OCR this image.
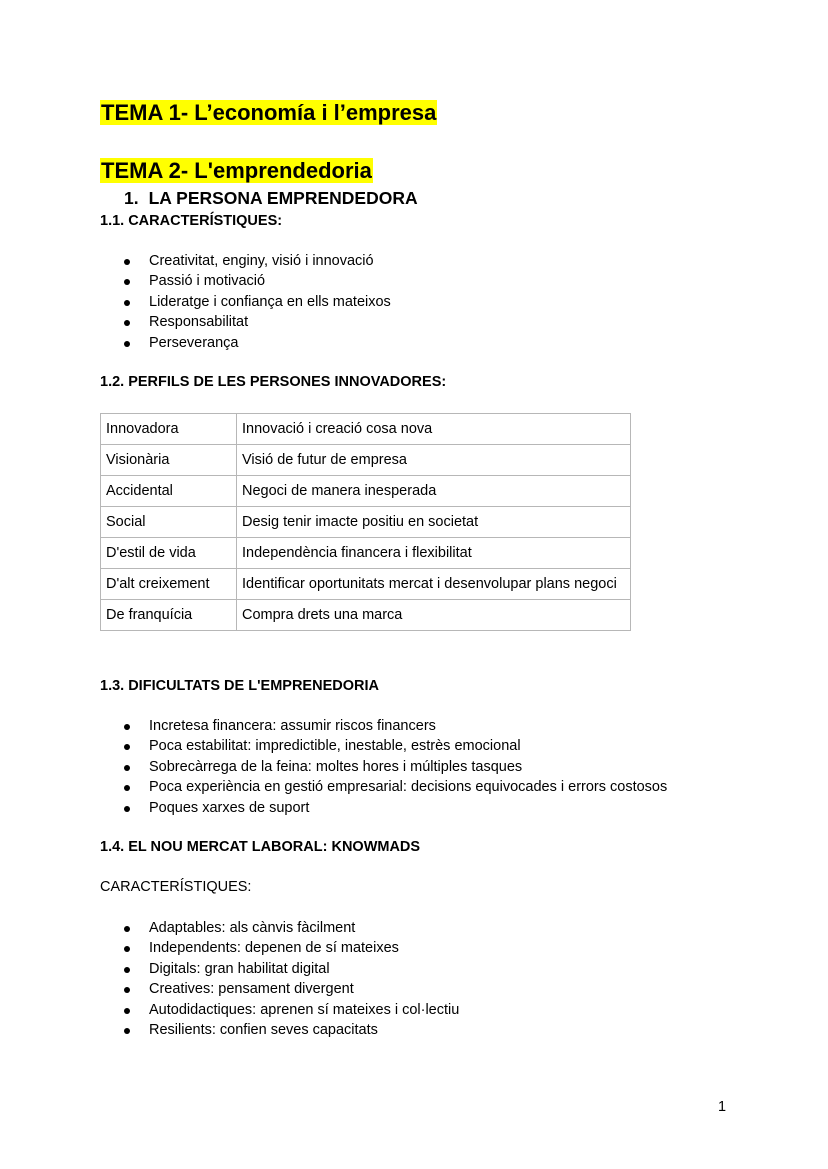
TEMA 1- L’economía i l’empresa
TEMA 2- L'emprendedoria
1. LA PERSONA EMPRENDEDORA
1.1. CARACTERÍSTIQUES:
Creativitat, enginy, visió i innovació
Passió i motivació
Lideratge i confiança en ells mateixos
Responsabilitat
Perseverança
1.2. PERFILS DE LES PERSONES INNOVADORES:
Innovadora	Innovació i creació cosa nova
Visionària	Visió de futur de empresa
Accidental	Negoci de manera inesperada
Social	Desig tenir imacte positiu en societat
D'estil de vida	Independència financera i flexibilitat
D'alt creixement	Identificar oportunitats mercat i desenvolupar plans negoci
De franquícia	Compra drets una marca
1.3. DIFICULTATS DE L'EMPRENEDORIA
Incretesa financera: assumir riscos financers
Poca estabilitat: impredictible, inestable, estrès emocional
Sobrecàrrega de la feina: moltes hores i múltiples tasques
Poca experiència en gestió empresarial: decisions equivocades i errors costosos
Poques xarxes de suport
1.4. EL NOU MERCAT LABORAL: KNOWMADS
CARACTERÍSTIQUES:
Adaptables: als cànvis fàcilment
Independents: depenen de sí mateixes
Digitals: gran habilitat digital
Creatives: pensament divergent
Autodidactiques: aprenen sí mateixes i col·lectiu
Resilients: confien seves capacitats
1
